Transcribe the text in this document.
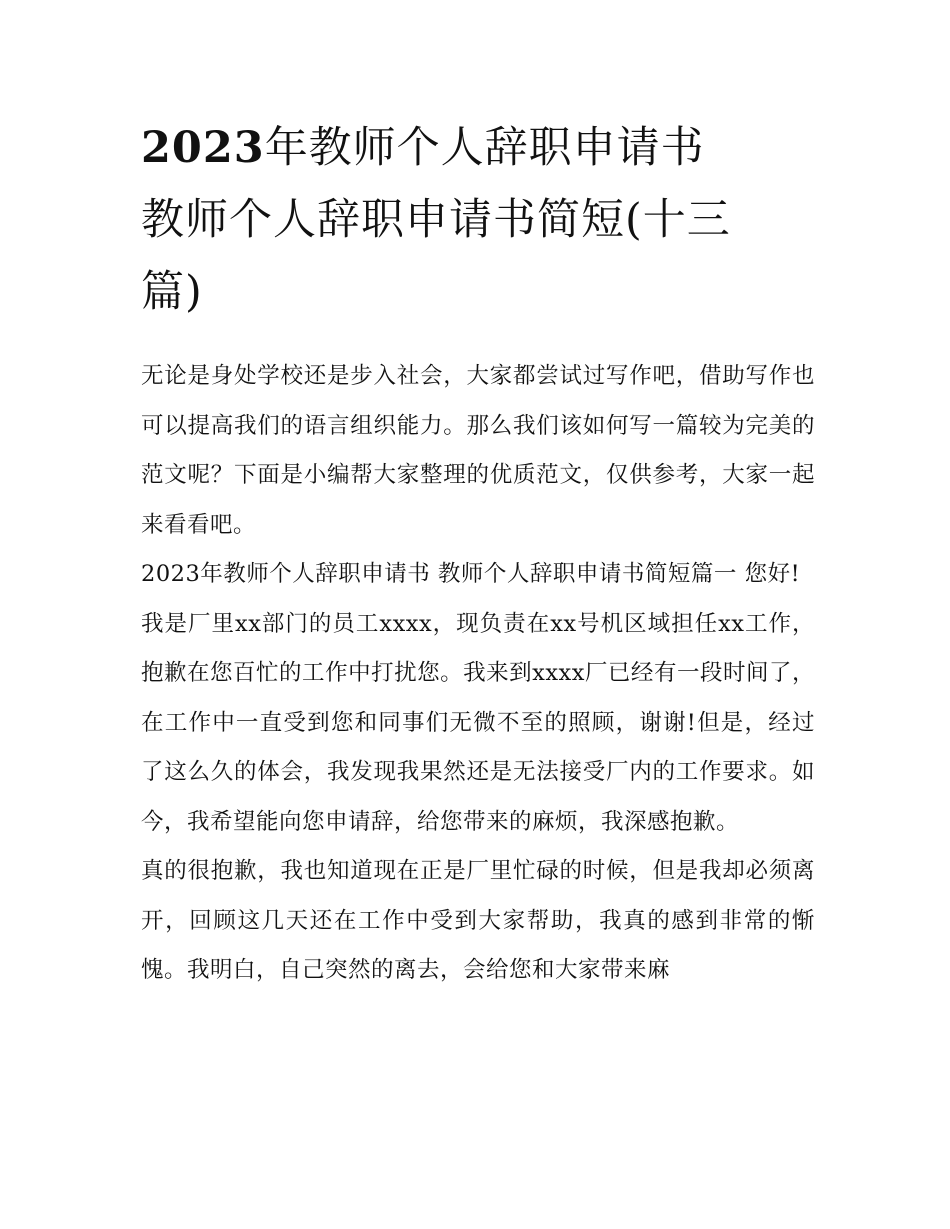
2023年教师个人辞职申请书
教师个人辞职申请书简短(十三
篇)

无论是身处学校还是步入社会，大家都尝试过写作吧，借助写作也可以提高我们的语言组织能力。那么我们该如何写一篇较为完美的范文呢？下面是小编帮大家整理的优质范文，仅供参考，大家一起来看看吧。

2023年教师个人辞职申请书 教师个人辞职申请书简短篇一 您好!

我是厂里xx部门的员工xxxx，现负责在xx号机区域担任xx工作，抱歉在您百忙的工作中打扰您。我来到xxxx厂已经有一段时间了，在工作中一直受到您和同事们无微不至的照顾，谢谢!但是，经过了这么久的体会，我发现我果然还是无法接受厂内的工作要求。如今，我希望能向您申请辞，给您带来的麻烦，我深感抱歉。

真的很抱歉，我也知道现在正是厂里忙碌的时候，但是我却必须离开，回顾这几天还在工作中受到大家帮助，我真的感到非常的惭愧。我明白，自己突然的离去，会给您和大家带来麻
